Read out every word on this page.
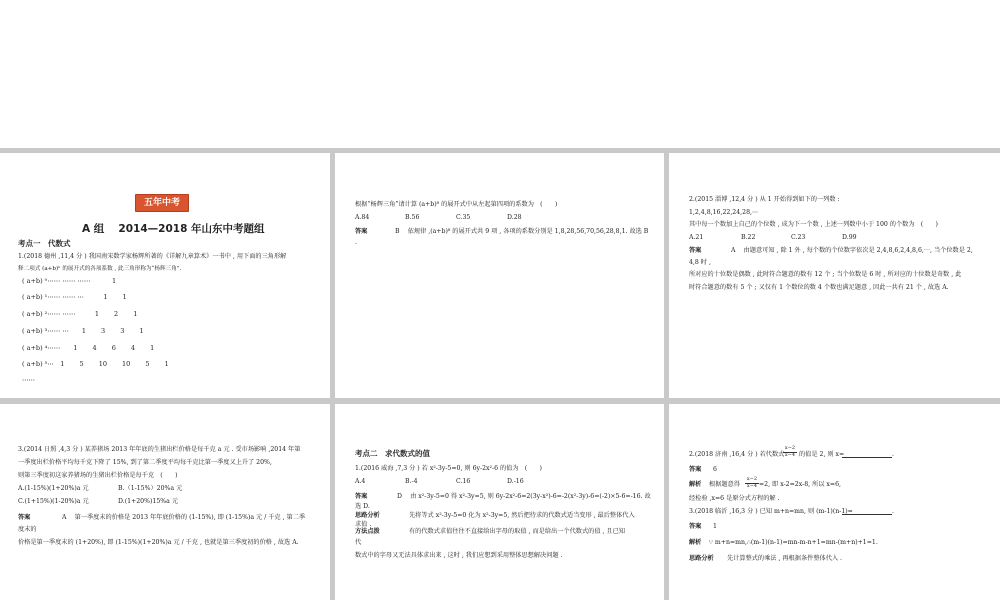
五年中考
A 组　 2014—2018 年山东中考题组
考点一　代数式
1.(2018 德州 ,11,4 分 ) 我国南宋数学家杨辉所著的《详解九章算术》一书中 , 用下面的三角形解
释二项式 (a+b)ⁿ 的展开式的各项系数 , 此三角形称为“杨辉三角”.
( a+b) ⁰⋯⋯ ⋯⋯ ⋯⋯　　　 1
( a+b) ¹⋯⋯ ⋯⋯ ⋯　　　1　　 1
( a+b) ²⋯⋯ ⋯⋯　　　1　　 2　　 1
( a+b) ³⋯⋯ ⋯　　1　　 3　　 3　　 1
( a+b) ⁴⋯⋯　　1　　 4　　 6　　 4　　 1
( a+b) ⁵⋯　1　　 5　　 10　　 10　　 5　　 1
⋯⋯
根据“杨辉三角”请计算 (a+b)⁸ 的展开式中从左起第四项的系数为　(　　)
A.84	B.56	C.35	D.28
答案	B　 依规律 ,(a+b)⁸ 的展开式共 9 项 , 各项的系数分别是 1,8,28,56,70,56,28,8,1. 故选 B
.
2.(2015 淄博 ,12,4 分 ) 从 1 开始得到如下的一列数 :
1,2,4,8,16,22,24,28,⋯
其中每一个数加上自己的个位数 , 成为下一个数 , 上述一列数中小于 100 的个数为　(　　)
A.21	B.22	C.23	D.99
答案	A　 由题意可知 , 除 1 外 , 每个数的个位数字依次是 2,4,8,6,2,4,8,6,⋯, 当个位数是 2,
4,8 时 ,
所对应的十位数是偶数 , 此时符合题意的数有 12 个 ; 当个位数是 6 时 , 所对应的十位数是奇数 , 此
时符合题意的数有 5 个 ; 又仅有 1 个数位的数 4 个数也满足题意 , 因此一共有 21 个 , 故选 A.
3.(2014 日照 ,4,3 分 ) 某养猪场 2013 年年底的生猪出栏价格是每千克 a 元 . 受市场影响 ,2014 年第
一季度出栏价格平均每千克下降了 15%, 到了第二季度平均每千克比第一季度又上升了 20%,
则第三季度初这家养猪场的生猪出栏价格是每千克　(　　)
A.(1-15%)(1+20%)a 元	B.（1-15%）20%a 元
C.(1+15%)(1-20%)a 元	D.(1+20%)15%a 元
答案	A　 第一季度末的价格是 2013 年年底价格的 (1-15%), 即 (1-15%)a 元 / 千克 , 第二季
度末的
价格是第一季度末的 (1+20%), 即 (1-15%)(1+20%)a 元 / 千克 , 也就是第三季度初的价格 , 故选 A.
考点二　求代数式的值
1.(2016 威海 ,7,3 分 ) 若 x²-3y-5=0, 则 6y-2x²-6 的值为　(　　)
A.4	B.-4	C.16	D.-16
答案	D　 由 x²-3y-5=0 得 x²-3y=5, 则 6y-2x²-6=2(3y-x²)-6=-2(x²-3y)-6=(-2)×5-6=-16. 故
选 D.
思路分析	先将等式 x²-3y-5=0 化为 x²-3y=5, 然后把待求的代数式适当变形 , 最后整体代入
求值 .
方法点拨	有的代数式求值往往不直接给出字母的取值 , 而是给出一个代数式的值 , 且已知
代
数式中的字母又无法具体求出来 , 这时 , 我们应想到采用整体思想解决问题 .
2.(2018 济南 ,16,4 分 ) 若代数式
$\frac{x-2}{x-4}$ 的值是 2, 则 x=	.
答案 6
解析 根据题意得 $\frac{x-2}{x-4} =2$, 即 x-2=2x-8, 所以 x=6,
经检验 ,x=6 是原分式方程的解 .
3.(2018 临沂 ,16,3 分 ) 已知 m+n=mn, 则 (m-1)(n-1)=	.
答案 1
解析 ∵ m+n=mn,∴(m-1)(n-1)=mn-m-n+1=mn-(m+n)+1=1.
思路分析 先计算整式的乘法 , 再根据条件整体代入 .
